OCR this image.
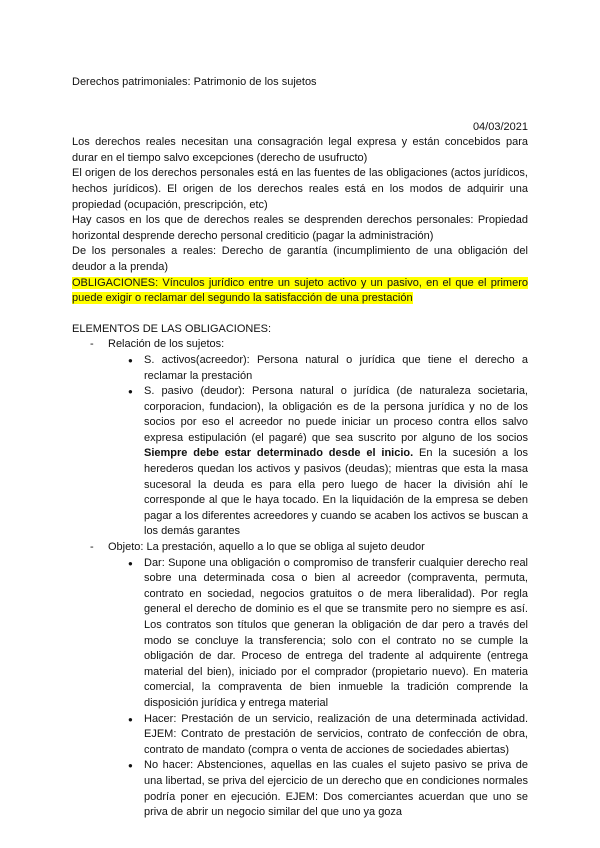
Derechos patrimoniales: Patrimonio de los sujetos

04/03/2021

Los derechos reales necesitan una consagración legal expresa y están concebidos para durar en el tiempo salvo excepciones (derecho de usufructo)

El origen de los derechos personales está en las fuentes de las obligaciones (actos jurídicos, hechos jurídicos). El origen de los derechos reales está en los modos de adquirir una propiedad (ocupación, prescripción, etc)

Hay casos en los que de derechos reales se desprenden derechos personales: Propiedad horizontal desprende derecho personal crediticio (pagar la administración)

De los personales a reales: Derecho de garantía (incumplimiento de una obligación del deudor a la prenda)

OBLIGACIONES: Vínculos jurídico entre un sujeto activo y un pasivo, en el que el primero puede exigir o reclamar del segundo la satisfacción de una prestación

ELEMENTOS DE LAS OBLIGACIONES:

- Relación de los sujetos:

● S. activos(acreedor): Persona natural o jurídica que tiene el derecho a reclamar la prestación

● S. pasivo (deudor): Persona natural o jurídica (de naturaleza societaria, corporacion, fundacion), la obligación es de la persona jurídica y no de los socios por eso el acreedor no puede iniciar un proceso contra ellos salvo expresa estipulación (el pagaré) que sea suscrito por alguno de los socios Siempre debe estar determinado desde el inicio. En la sucesión a los herederos quedan los activos y pasivos (deudas); mientras que esta la masa sucesoral la deuda es para ella pero luego de hacer la división ahí le corresponde al que le haya tocado. En la liquidación de la empresa se deben pagar a los diferentes acreedores y cuando se acaben los activos se buscan a los demás garantes

- Objeto: La prestación, aquello a lo que se obliga al sujeto deudor

● Dar: Supone una obligación o compromiso de transferir cualquier derecho real sobre una determinada cosa o bien al acreedor (compraventa, permuta, contrato en sociedad, negocios gratuitos o de mera liberalidad). Por regla general el derecho de dominio es el que se transmite pero no siempre es así. Los contratos son títulos que generan la obligación de dar pero a través del modo se concluye la transferencia; solo con el contrato no se cumple la obligación de dar. Proceso de entrega del tradente al adquirente (entrega material del bien), iniciado por el comprador (propietario nuevo). En materia comercial, la compraventa de bien inmueble la tradición comprende la disposición jurídica y entrega material

● Hacer: Prestación de un servicio, realización de una determinada actividad. EJEM: Contrato de prestación de servicios, contrato de confección de obra, contrato de mandato (compra o venta de acciones de sociedades abiertas)

● No hacer: Abstenciones, aquellas en las cuales el sujeto pasivo se priva de una libertad, se priva del ejercicio de un derecho que en condiciones normales podría poner en ejecución. EJEM: Dos comerciantes acuerdan que uno se priva de abrir un negocio similar del que uno ya goza
